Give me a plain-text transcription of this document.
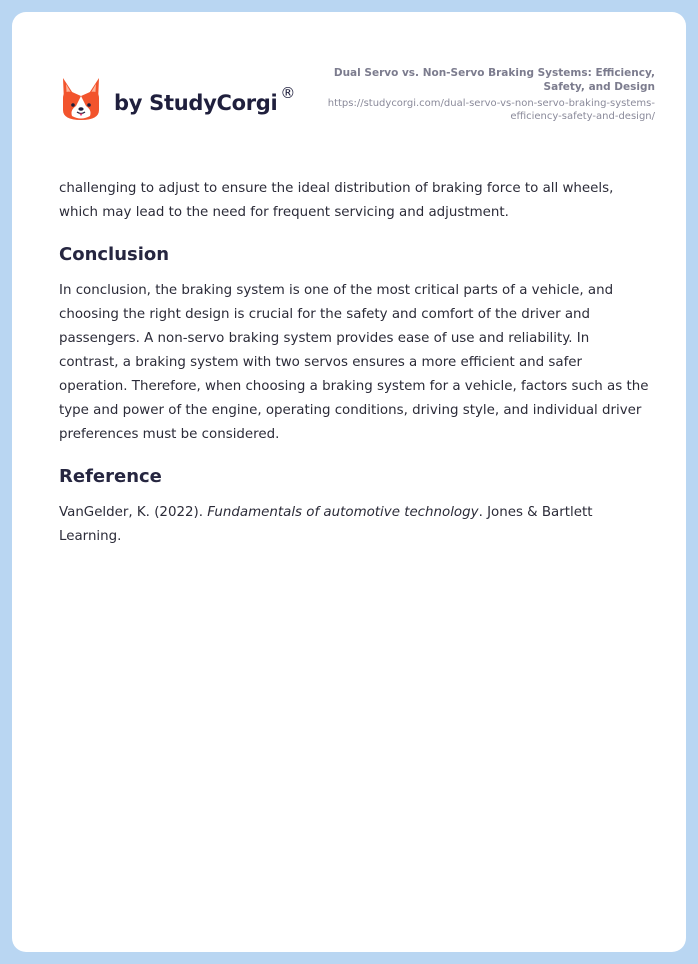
by StudyCorgi ®
Dual Servo vs. Non-Servo Braking Systems: Efficiency, Safety, and Design
https://studycorgi.com/dual-servo-vs-non-servo-braking-systems-efficiency-safety-and-design/

challenging to adjust to ensure the ideal distribution of braking force to all wheels, which may lead to the need for frequent servicing and adjustment.

Conclusion

In conclusion, the braking system is one of the most critical parts of a vehicle, and choosing the right design is crucial for the safety and comfort of the driver and passengers. A non-servo braking system provides ease of use and reliability. In contrast, a braking system with two servos ensures a more efficient and safer operation. Therefore, when choosing a braking system for a vehicle, factors such as the type and power of the engine, operating conditions, driving style, and individual driver preferences must be considered.

Reference

VanGelder, K. (2022). Fundamentals of automotive technology. Jones & Bartlett Learning.
